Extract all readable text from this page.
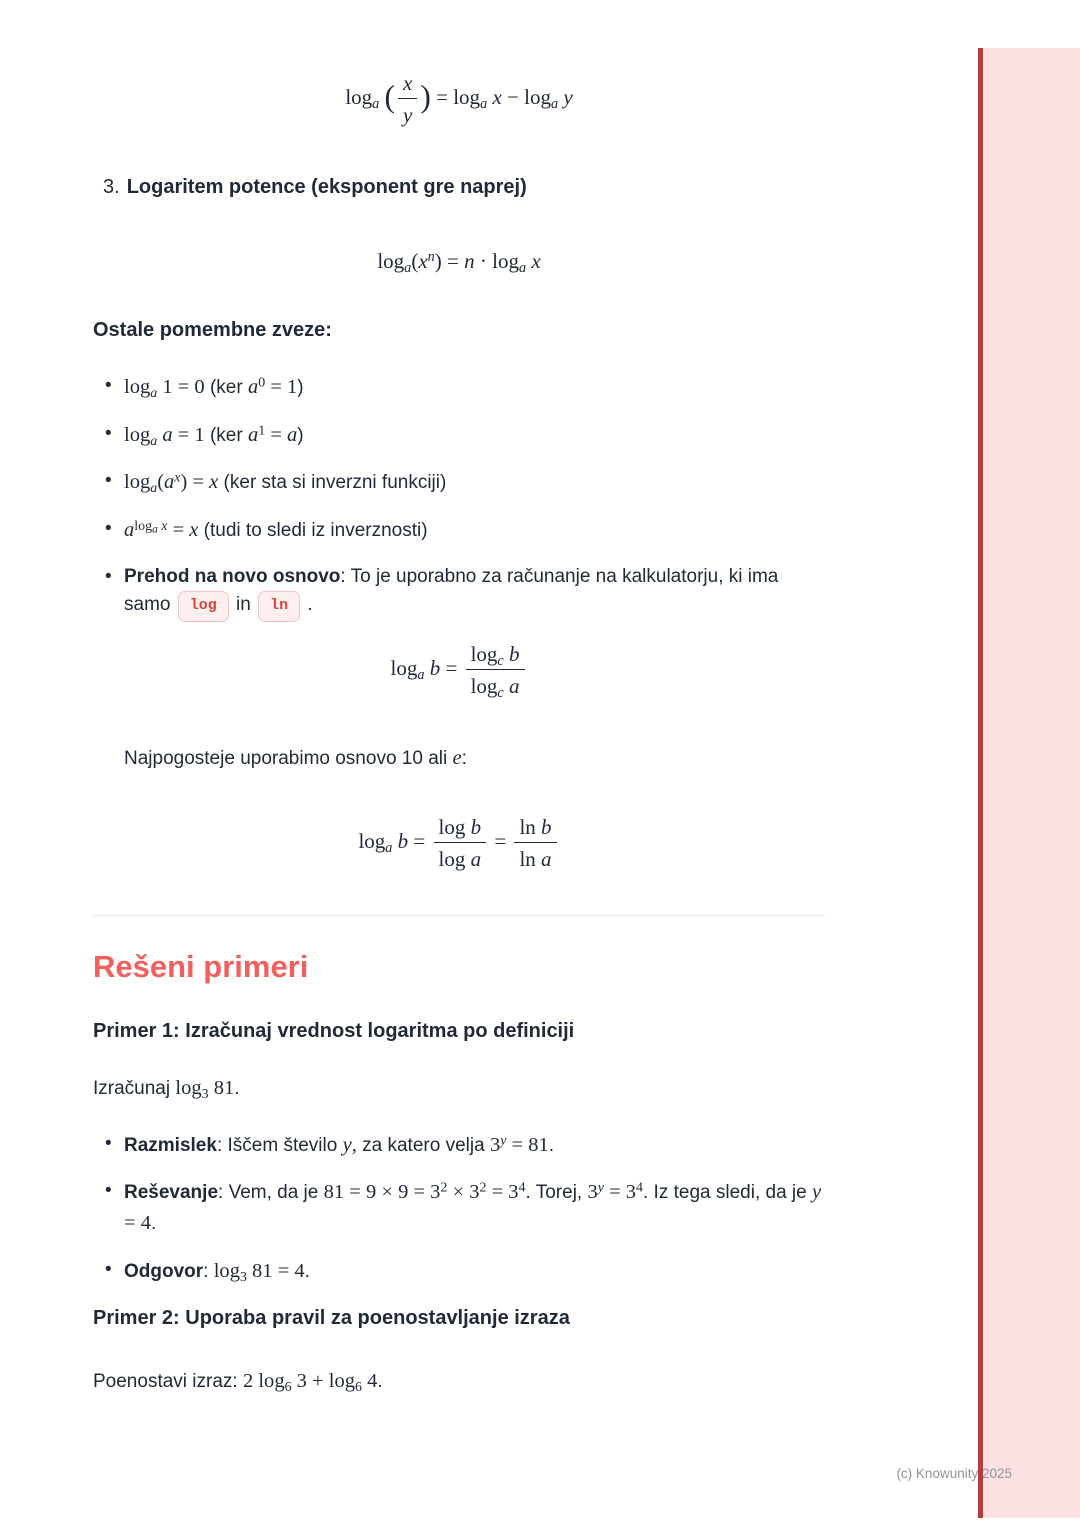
$\log_a$ ( $\frac{x}{y}$ ) = $\log_a x - \log_a y$
3. Logaritem potence (eksponent gre naprej)
$\log_a(x^n) = n \cdot \log_a x$

Ostale pomembne zveze:

• $\log_a 1 = 0$ (ker $a^0 = 1$)
• $\log_a a = 1$ (ker $a^1 = a$)
• $\log_a(a^x) = x$ (ker sta si inverzni funkciji)
• $a^{log_a x} = x$ (tudi to sledi iz inverznosti)
• Prehod na novo osnovo: To je uporabno za računanje na kalkulatorju, ki ima samo log in ln .
$\log_a b = \frac{\log_c b}{\log_c a}$

Najpogosteje uporabimo osnovo 10 ali e:

$\log_a b = \frac{\text{log b}}{\text{log a}} = \frac{\text{ln b}}{\text{ln a}}$
Rešeni primeri

Primer 1: Izračunaj vrednost logaritma po definiciji

Izračunaj $\log_3 81$.

• Razmislek: Iščem število y, za katero velja $3^y = 81$.
• Reševanje: Vem, da je $81 = 9 \times 9 = 3^2 \times 3^2 = 3^4$. Torej, $3^y = 3^4$. Iz tega sledi, da je y = 4.
• Odgovor: $\log_3 81 = 4$.

Primer 2: Uporaba pravil za poenostavljanje izraza

Poenostavi izraz: 2 $\log_6 3 + \log_6 4$.

(c) Knowunity 2025
